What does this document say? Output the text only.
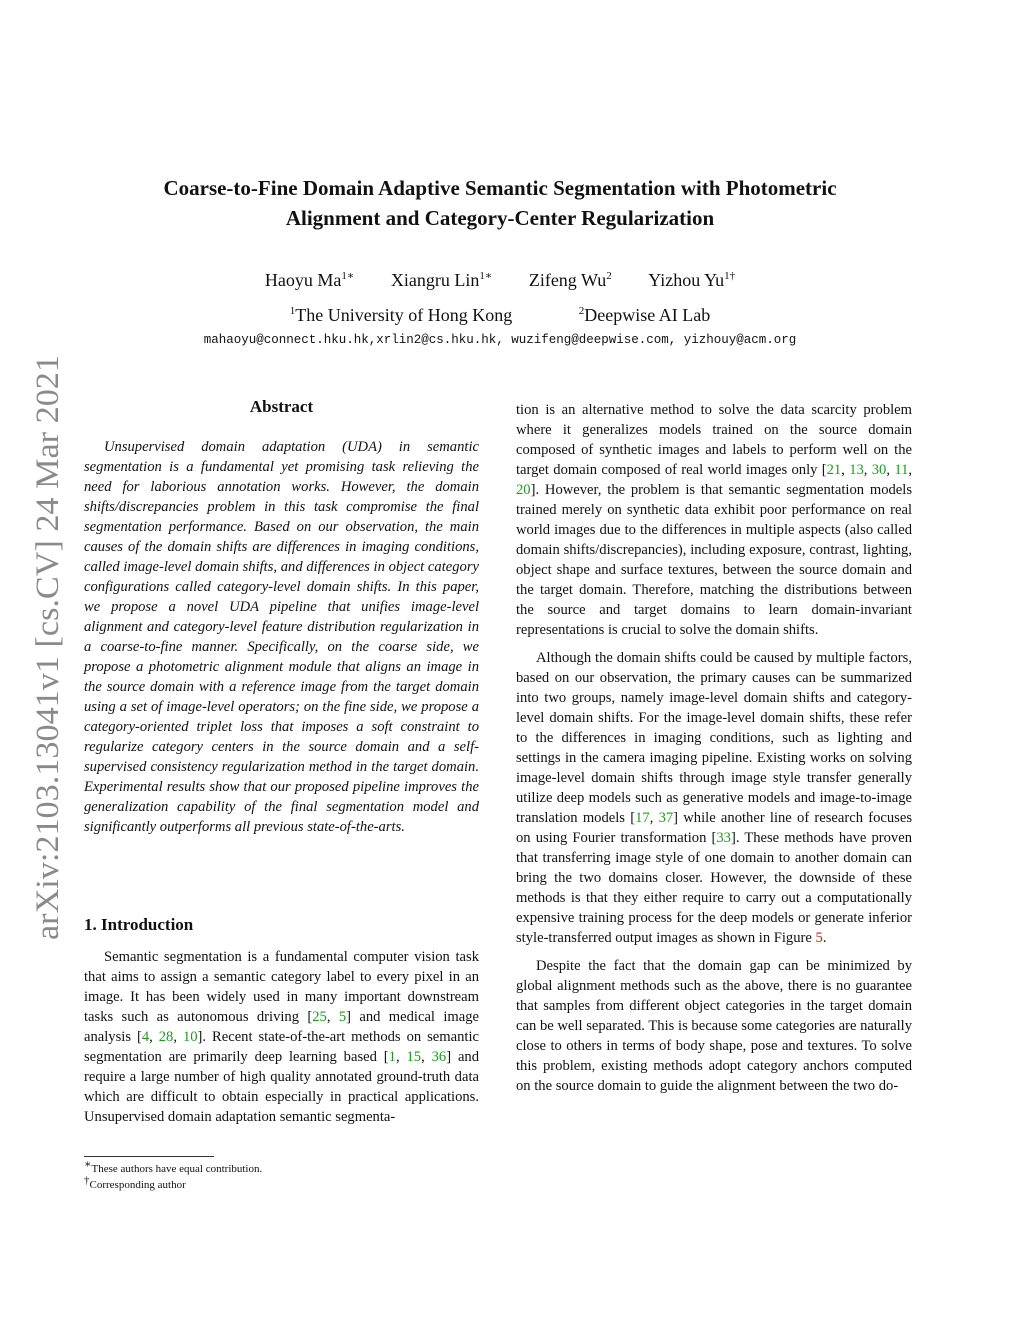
arXiv:2103.13041v1 [cs.CV] 24 Mar 2021
Coarse-to-Fine Domain Adaptive Semantic Segmentation with Photometric
Alignment and Category-Center Regularization
Haoyu $Ma^{1∗}$ Xiangru Lin$^{1∗}$ Zifeng Wu$^2$ Yizhou $Yu^{1\dagger}$
$^1$The University of Hong Kong	$^2$Deepwise AI Lab
mahaoyu@connect.hku.hk,xrlin2@cs.hku.hk, wuzifeng@deepwise.com, yizhouy@acm.org
Abstract

Unsupervised domain adaptation (UDA) in semantic segmentation is a fundamental yet promising task relieving the need for laborious annotation works. However, the domain shifts/discrepancies problem in this task compromise the final segmentation performance. Based on our observation, the main causes of the domain shifts are differences in imaging conditions, called image-level domain shifts, and differences in object category configurations called category-level domain shifts. In this paper, we propose a novel UDA pipeline that unifies image-level alignment and category-level feature distribution regularization in a coarse-to-fine manner. Specifically, on the coarse side, we propose a photometric alignment module that aligns an image in the source domain with a reference image from the target domain using a set of image-level operators; on the fine side, we propose a category-oriented triplet loss that imposes a soft constraint to regularize category centers in the source domain and a self-supervised consistency regularization method in the target domain. Experimental results show that our proposed pipeline improves the generalization capability of the final segmentation model and significantly outperforms all previous state-of-the-arts.

1. Introduction

Semantic segmentation is a fundamental computer vision task that aims to assign a semantic category label to every pixel in an image. It has been widely used in many important downstream tasks such as autonomous driving [25, 5] and medical image analysis [4, 28, 10]. Recent state-of-the-art methods on semantic segmentation are primarily deep learning based [1, 15, 36] and require a large number of high quality annotated ground-truth data which are difficult to obtain especially in practical applications. Unsupervised domain adaptation semantic segmenta-

∗These authors have equal contribution.
†Corresponding author

tion is an alternative method to solve the data scarcity problem where it generalizes models trained on the source domain composed of synthetic images and labels to perform well on the target domain composed of real world images only [21, 13, 30, 11, 20]. However, the problem is that semantic segmentation models trained merely on synthetic data exhibit poor performance on real world images due to the differences in multiple aspects (also called domain shifts/discrepancies), including exposure, contrast, lighting, object shape and surface textures, between the source domain and the target domain. Therefore, matching the distributions between the source and target domains to learn domain-invariant representations is crucial to solve the domain shifts.

Although the domain shifts could be caused by multiple factors, based on our observation, the primary causes can be summarized into two groups, namely image-level domain shifts and category-level domain shifts. For the image-level domain shifts, these refer to the differences in imaging conditions, such as lighting and settings in the camera imaging pipeline. Existing works on solving image-level domain shifts through image style transfer generally utilize deep models such as generative models and image-to-image translation models [17, 37] while another line of research focuses on using Fourier transformation [33]. These methods have proven that transferring image style of one domain to another domain can bring the two domains closer. However, the downside of these methods is that they either require to carry out a computationally expensive training process for the deep models or generate inferior style-transferred output images as shown in Figure 5.

Despite the fact that the domain gap can be minimized by global alignment methods such as the above, there is no guarantee that samples from different object categories in the target domain can be well separated. This is because some categories are naturally close to others in terms of body shape, pose and textures. To solve this problem, existing methods adopt category anchors computed on the source domain to guide the alignment between the two do-
